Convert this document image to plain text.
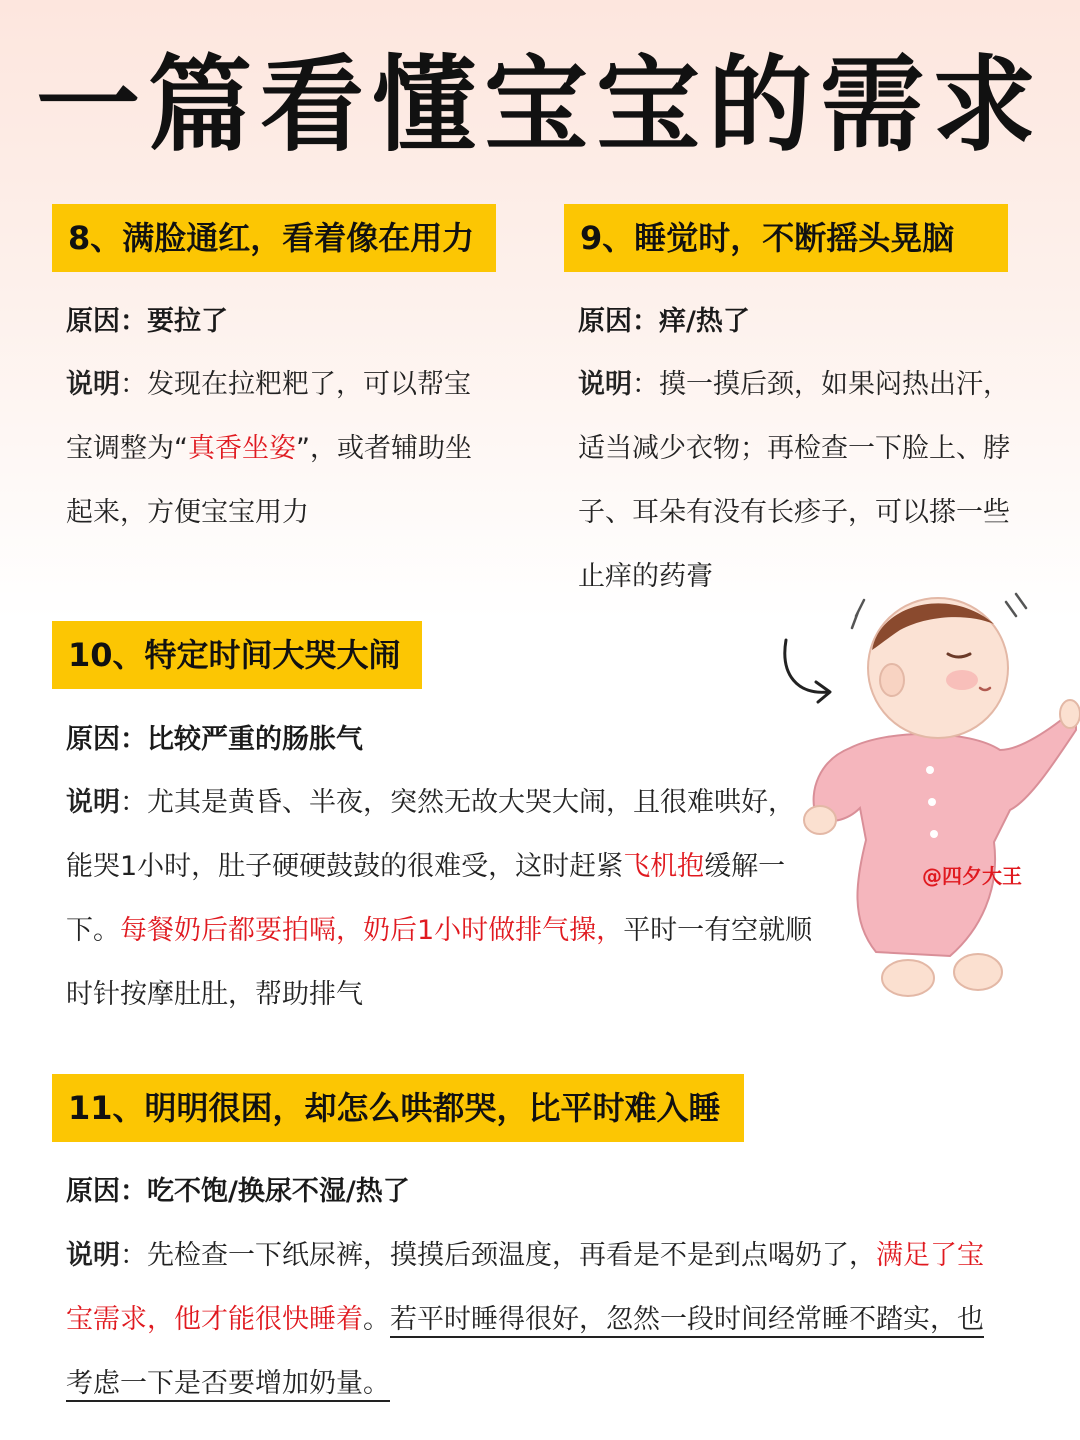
一篇看懂宝宝的需求
8、满脸通红，看着像在用力
原因：要拉了
说明：发现在拉粑粑了，可以帮宝宝调整为“真香坐姿”，或者辅助坐起来，方便宝宝用力
9、睡觉时，不断摇头晃脑
原因：痒/热了
说明：摸一摸后颈，如果闷热出汗，适当减少衣物；再检查一下脸上、脖子、耳朵有没有长疹子，可以搽一些止痒的药膏
10、特定时间大哭大闹
原因：比较严重的肠胀气
说明：尤其是黄昏、半夜，突然无故大哭大闹，且很难哄好，能哭1小时，肚子硬硬鼓鼓的很难受，这时赶紧飞机抱缓解一下。每餐奶后都要拍嗝，奶后1小时做排气操，平时一有空就顺时针按摩肚肚，帮助排气
11、明明很困，却怎么哄都哭，比平时难入睡
原因：吃不饱/换尿不湿/热了
说明：先检查一下纸尿裤，摸摸后颈温度，再看是不是到点喝奶了，满足了宝宝需求，他才能很快睡着。若平时睡得很好，忽然一段时间经常睡不踏实，也考虑一下是否要增加奶量。
@四夕大王
